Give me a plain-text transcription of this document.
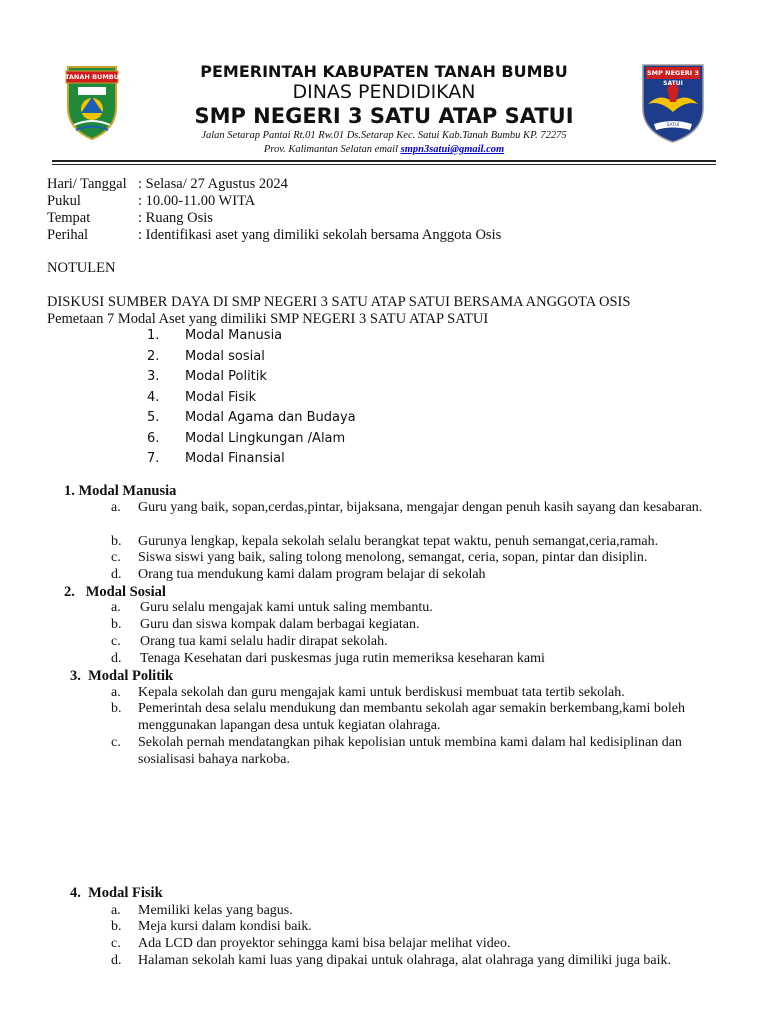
TANAH BUMBU	SMP NEGERI 3
SATUI
SATUI
PEMERINTAH KABUPATEN TANAH BUMBU
DINAS PENDIDIKAN
SMP NEGERI 3 SATU ATAP SATUI
Jalan Setarap Pantai Rt.01 Rw.01 Ds.Setarap Kec. Satui Kab.Tanah Bumbu KP. 72275
Prov. Kalimantan Selatan email smpn3satui@gmail.com
Hari/ Tanggal : Selasa/ 27 Agustus 2024
Pukul	: 10.00-11.00 WITA
Tempat	: Ruang Osis
Perihal	: Identifikasi aset yang dimiliki sekolah bersama Anggota Osis
NOTULEN
DISKUSI SUMBER DAYA DI SMP NEGERI 3 SATU ATAP SATUI BERSAMA ANGGOTA OSIS
Pemetaan 7 Modal Aset yang dimiliki SMP NEGERI 3 SATU ATAP SATUI
1. Modal Manusia
2. Modal sosial
3. Modal Politik
4. Modal Fisik
5. Modal Agama dan Budaya
6. Modal Lingkungan /Alam
7. Modal Finansial
1. Modal Manusia
a.	Guru yang baik, sopan,cerdas,pintar, bijaksana, mengajar dengan penuh kasih sayang dan kesabaran.
b.	Gurunya lengkap, kepala sekolah selalu berangkat tepat waktu, penuh semangat,ceria,ramah.
c.	Siswa siswi yang baik, saling tolong menolong, semangat, ceria, sopan, pintar dan disiplin.
d.	Orang tua mendukung kami dalam program belajar di sekolah
2. Modal Sosial
a.	Guru selalu mengajak kami untuk saling membantu.
b.	Guru dan siswa kompak dalam berbagai kegiatan.
c.	Orang tua kami selalu hadir dirapat sekolah.
d.	Tenaga Kesehatan dari puskesmas juga rutin memeriksa keseharan kami
3. Modal Politik
a.	Kepala sekolah dan guru mengajak kami untuk berdiskusi membuat tata tertib sekolah.
b.	Pemerintah desa selalu mendukung dan membantu sekolah agar semakin berkembang,kami boleh menggunakan lapangan desa untuk kegiatan olahraga.
c.	Sekolah pernah mendatangkan pihak kepolisian untuk membina kami dalam hal kedisiplinan dan sosialisasi bahaya narkoba.
4. Modal Fisik
a.	Memiliki kelas yang bagus.
b.	Meja kursi dalam kondisi baik.
c.	Ada LCD dan proyektor sehingga kami bisa belajar melihat video.
d.	Halaman sekolah kami luas yang dipakai untuk olahraga, alat olahraga yang dimiliki juga baik.
